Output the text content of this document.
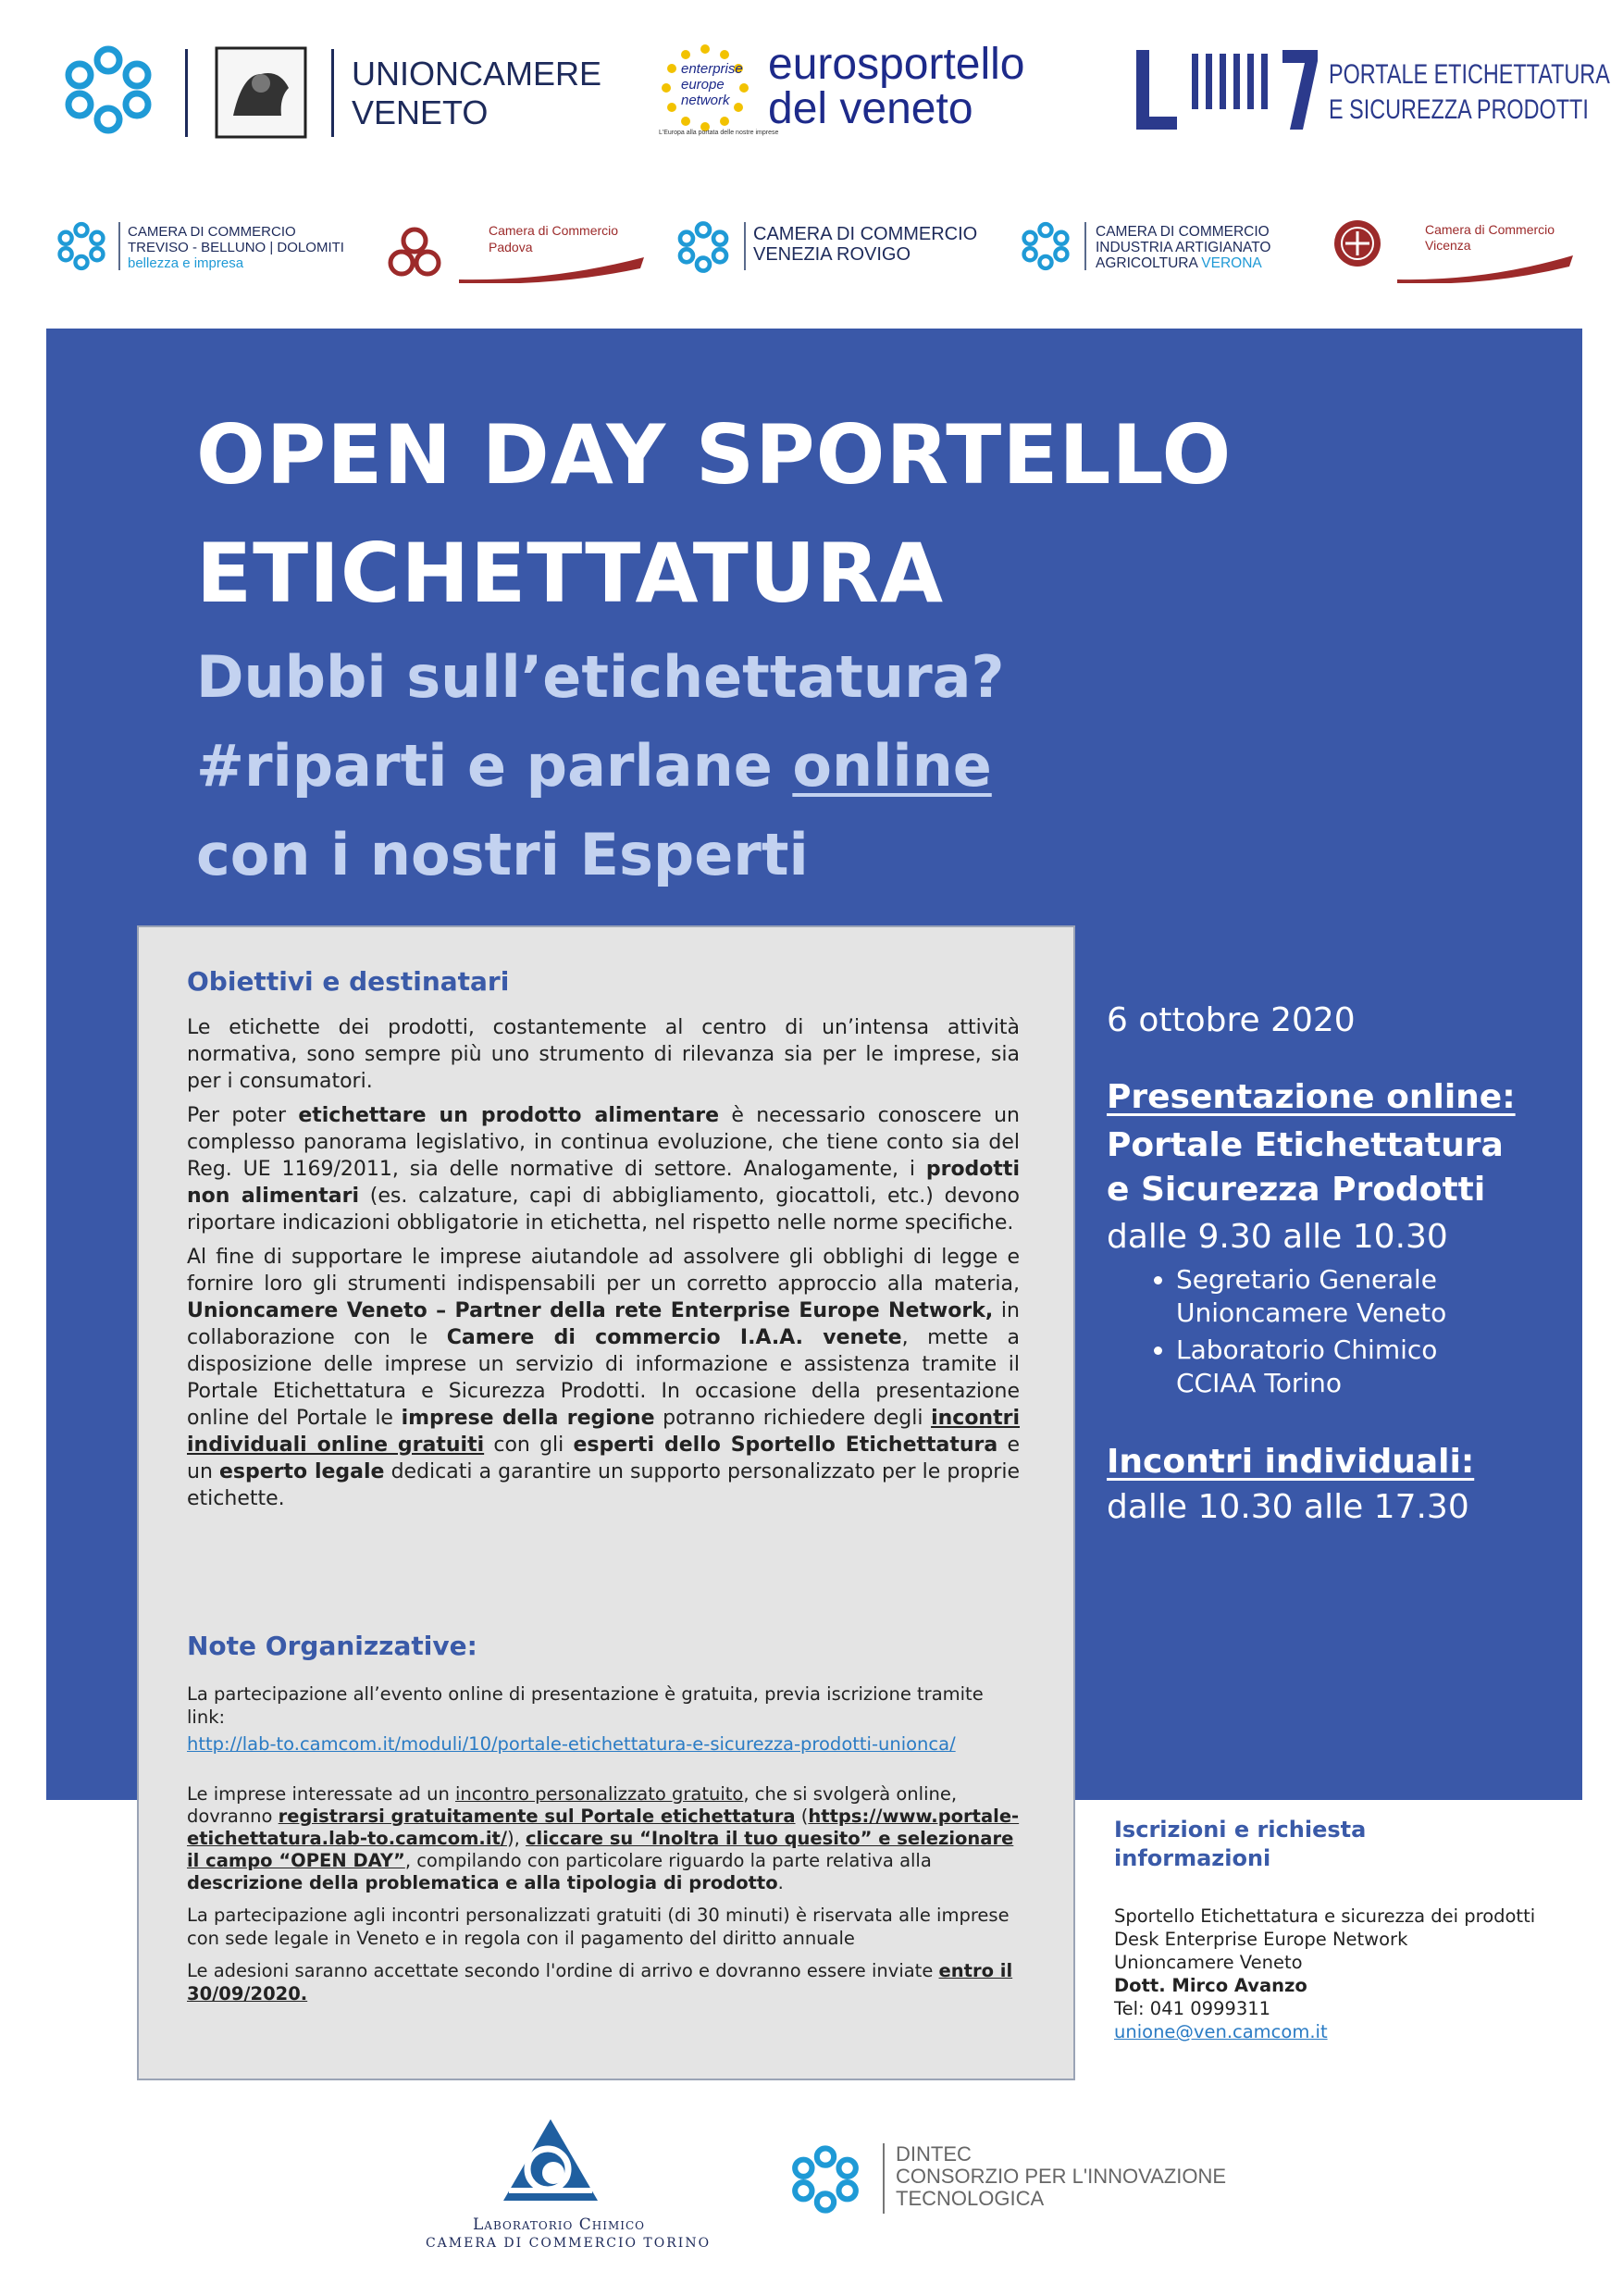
UNIONCAMERE
VENETO
enterprise
europe
network
L'Europa alla portata delle nostre imprese
eurosportello
del veneto
PORTALE ETICHETTATURA
E SICUREZZA PRODOTTI
CAMERA DI COMMERCIO
TREVISO - BELLUNO | DOLOMITI
bellezza e impresa
Camera di Commercio
Padova
CAMERA DI COMMERCIO
VENEZIA ROVIGO
CAMERA DI COMMERCIO
INDUSTRIA ARTIGIANATO
AGRICOLTURA VERONA
Camera di Commercio
Vicenza
OPEN DAY SPORTELLO
ETICHETTATURA
Dubbi sull’etichettatura?
#riparti e parlane online
con i nostri Esperti
Obiettivi e destinatari

Le etichette dei prodotti, costantemente al centro di un’intensa attività normativa, sono sempre più uno strumento di rilevanza sia per le imprese, sia per i consumatori.

Per poter etichettare un prodotto alimentare è necessario conoscere un complesso panorama legislativo, in continua evoluzione, che tiene conto sia del Reg. UE 1169/2011, sia delle normative di settore. Analogamente, i prodotti non alimentari (es. calzature, capi di abbigliamento, giocattoli, etc.) devono riportare indicazioni obbligatorie in etichetta, nel rispetto nelle norme specifiche.

Al fine di supportare le imprese aiutandole ad assolvere gli obblighi di legge e fornire loro gli strumenti indispensabili per un corretto approccio alla materia, Unioncamere Veneto – Partner della rete Enterprise Europe Network, in collaborazione con le Camere di commercio I.A.A. venete, mette a disposizione delle imprese un servizio di informazione e assistenza tramite il Portale Etichettatura e Sicurezza Prodotti. In occasione della presentazione online del Portale le imprese della regione potranno richiedere degli incontri individuali online gratuiti con gli esperti dello Sportello Etichettatura e un esperto legale dedicati a garantire un supporto personalizzato per le proprie etichette.

Note Organizzative:

La partecipazione all’evento online di presentazione è gratuita, previa iscrizione tramite link:

http://lab-to.camcom.it/moduli/10/portale-etichettatura-e-sicurezza-prodotti-unionca/

Le imprese interessate ad un incontro personalizzato gratuito, che si svolgerà online, dovranno registrarsi gratuitamente sul Portale etichettatura (https://www.portale-etichettatura.lab-to.camcom.it/), cliccare su “Inoltra il tuo quesito” e selezionare il campo “OPEN DAY”, compilando con particolare riguardo la parte relativa alla descrizione della problematica e alla tipologia di prodotto.

La partecipazione agli incontri personalizzati gratuiti (di 30 minuti) è riservata alle imprese con sede legale in Veneto e in regola con il pagamento del diritto annuale

Le adesioni saranno accettate secondo l'ordine di arrivo e dovranno essere inviate entro il 30/09/2020.

6 ottobre 2020
Presentazione online:
Portale Etichettatura
e Sicurezza Prodotti
dalle 9.30 alle 10.30
• Segretario Generale
Unioncamere Veneto
• Laboratorio Chimico
CCIAA Torino
Incontri individuali:
dalle 10.30 alle 17.30
Iscrizioni e richiesta
informazioni
Sportello Etichettatura e sicurezza dei prodotti
Desk Enterprise Europe Network
Unioncamere Veneto
Dott. Mirco Avanzo
Tel: 041 0999311
unione@ven.camcom.it
Laboratorio Chimico
CAMERA DI COMMERCIO TORINO
DINTEC
CONSORZIO PER L'INNOVAZIONE
TECNOLOGICA
